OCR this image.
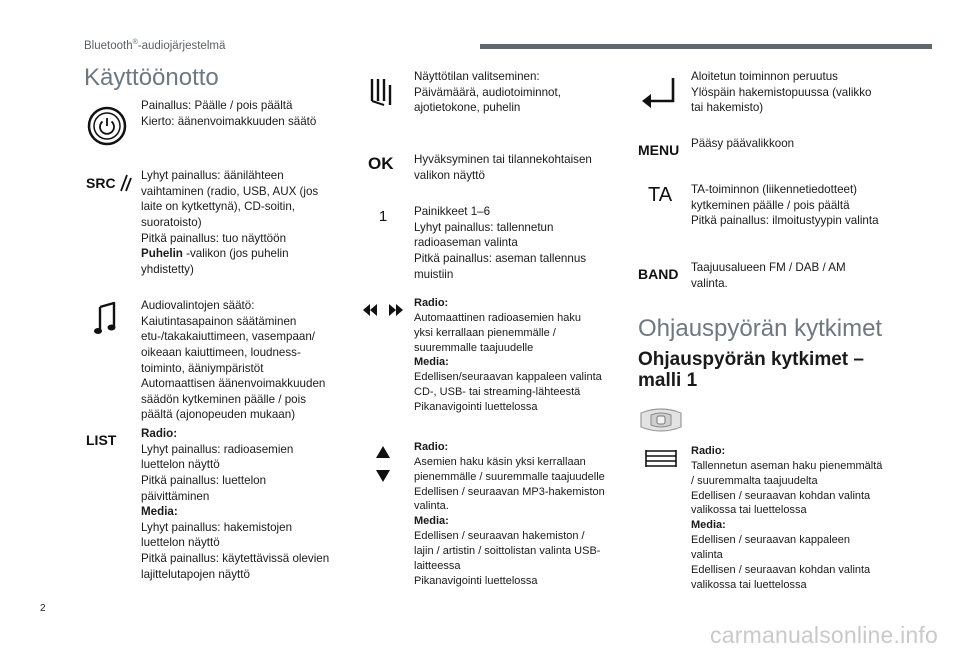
Bluetooth®-audiojärjestelmä
Käyttöönotto
Painallus: Päälle / pois päältä
Kierto: äänenvoimakkuuden säätö
SRC Lyhyt painallus: äänilähteen
vaihtaminen (radio, USB, AUX (jos
laite on kytkettynä), CD-soitin,
suoratoisto)
Pitkä painallus: tuo näyttöön
Puhelin -valikon (jos puhelin
yhdistetty)
Audiovalintojen säätö:
Kaiutintasapainon säätäminen
etu-/takakaiuttimeen, vasempaan/
oikeaan kaiuttimeen, loudness-
toiminto, ääniympäristöt
Automaattisen äänenvoimakkuuden
säädön kytkeminen päälle / pois
päältä (ajonopeuden mukaan)
LIST Radio:
Lyhyt painallus: radioasemien
luettelon näyttö
Pitkä painallus: luettelon
päivittäminen
Media:
Lyhyt painallus: hakemistojen
luettelon näyttö
Pitkä painallus: käytettävissä olevien
lajittelutapojen näyttö
Näyttötilan valitseminen:
Päivämäärä, audiotoiminnot,
ajotietokone, puhelin
OK Hyväksyminen tai tilannekohtaisen
valikon näyttö
1 Painikkeet 1–6
Lyhyt painallus: tallennetun
radioaseman valinta
Pitkä painallus: aseman tallennus
muistiin
Radio:
Automaattinen radioasemien haku
yksi kerrallaan pienemmälle /
suuremmalle taajuudelle
Media:
Edellisen/seuraavan kappaleen valinta
CD-, USB- tai streaming-lähteestä
Pikanavigointi luettelossa
Radio:
Asemien haku käsin yksi kerrallaan
pienemmälle / suuremmalle taajuudelle
Edellisen / seuraavan MP3-hakemiston
valinta.
Media:
Edellisen / seuraavan hakemiston /
lajin / artistin / soittolistan valinta USB-
laitteessa
Pikanavigointi luettelossa
Aloitetun toiminnon peruutus
Ylöspäin hakemistopuussa (valikko
tai hakemisto)
MENU Pääsy päävalikkoon
TA TA-toiminnon (liikennetiedotteet)
kytkeminen päälle / pois päältä
Pitkä painallus: ilmoitustyypin valinta
BAND Taajuusalueen FM / DAB / AM
valinta.
Ohjauspyörän kytkimet
Ohjauspyörän kytkimet –
malli 1
Radio:
Tallennetun aseman haku pienemmältä
/ suuremmalta taajuudelta
Edellisen / seuraavan kohdan valinta
valikossa tai luettelossa
Media:
Edellisen / seuraavan kappaleen
valinta
Edellisen / seuraavan kohdan valinta
valikossa tai luettelossa
2
carmanualsonline.info
